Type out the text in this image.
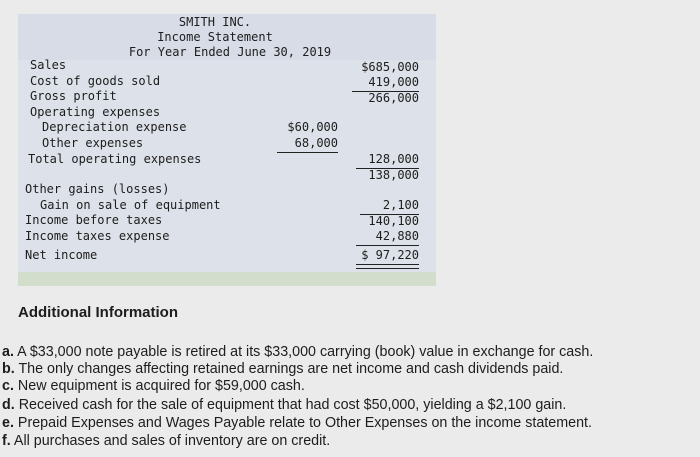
SMITH INC.
Income Statement
For Year Ended June 30, 2019
Sales
Cost of goods sold
Gross profit
Operating expenses
Depreciation expense
Other expenses
Total operating expenses
Other gains (losses)
Gain on sale of equipment
Income before taxes
Income taxes expense
Net income
$60,000
68,000
$685,000
419,000
266,000
128,000
138,000
2,100
140,100
42,880
$ 97,220
Additional Information
a. A $33,000 note payable is retired at its $33,000 carrying (book) value in exchange for cash.
b. The only changes affecting retained earnings are net income and cash dividends paid.
c. New equipment is acquired for $59,000 cash.
d. Received cash for the sale of equipment that had cost $50,000, yielding a $2,100 gain.
e. Prepaid Expenses and Wages Payable relate to Other Expenses on the income statement.
f. All purchases and sales of inventory are on credit.
